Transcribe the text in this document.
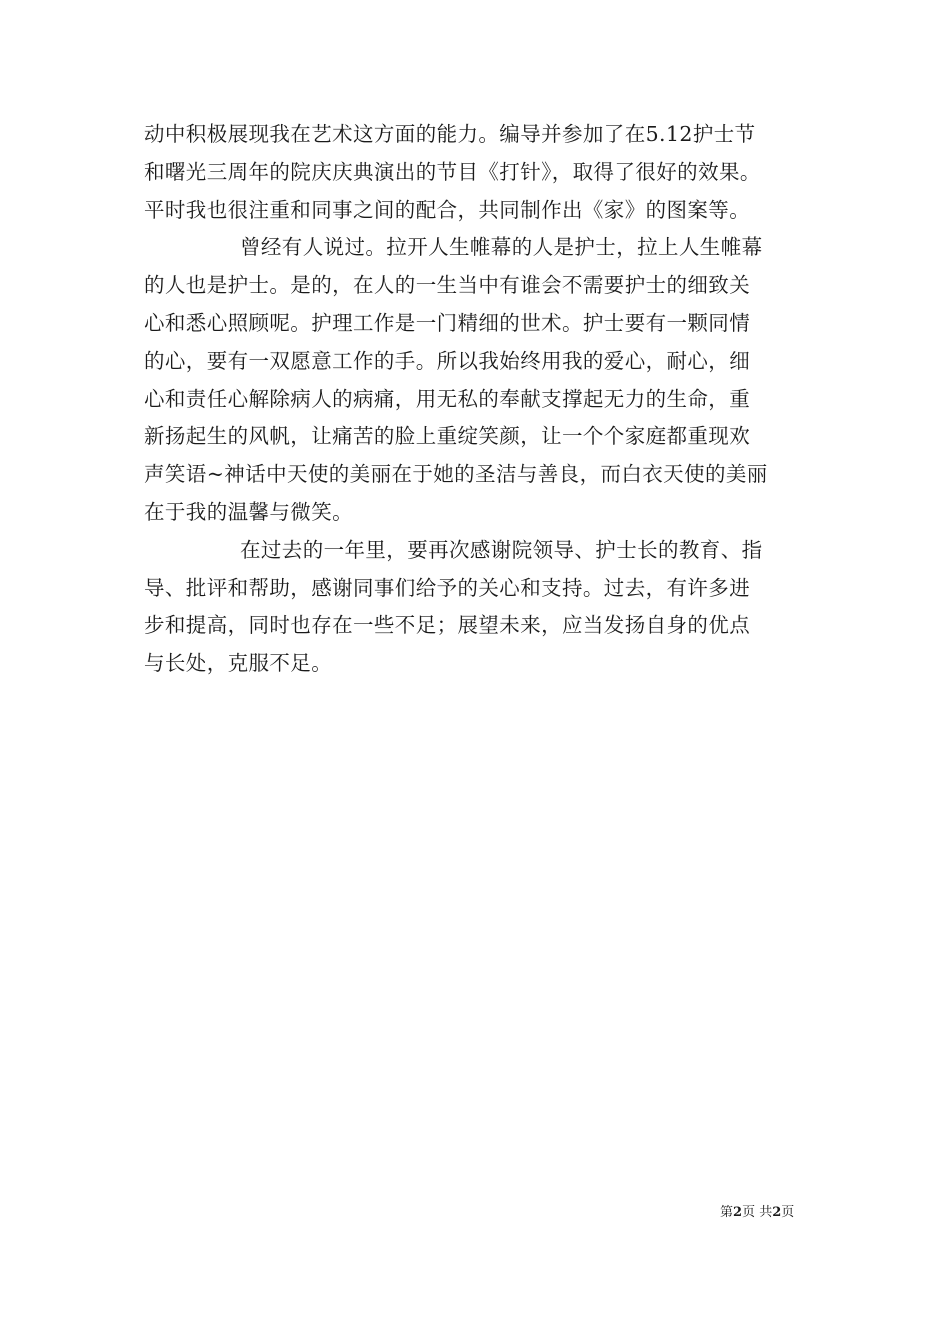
动中积极展现我在艺术这方面的能力。编导并参加了在5.12护士节
和曙光三周年的院庆庆典演出的节目《打针》，取得了很好的效果。
平时我也很注重和同事之间的配合，共同制作出《家》的图案等。

曾经有人说过。拉开人生帷幕的人是护士，拉上人生帷幕
的人也是护士。是的，在人的一生当中有谁会不需要护士的细致关
心和悉心照顾呢。护理工作是一门精细的世术。护士要有一颗同情
的心，要有一双愿意工作的手。所以我始终用我的爱心，耐心，细
心和责任心解除病人的病痛，用无私的奉献支撑起无力的生命，重
新扬起生的风帆，让痛苦的脸上重绽笑颜，让一个个家庭都重现欢
声笑语~神话中天使的美丽在于她的圣洁与善良，而白衣天使的美丽
在于我的温馨与微笑。

在过去的一年里，要再次感谢院领导、护士长的教育、指
导、批评和帮助，感谢同事们给予的关心和支持。过去，有许多进
步和提高，同时也存在一些不足；展望未来，应当发扬自身的优点
与长处，克服不足。

第2页 共2页
